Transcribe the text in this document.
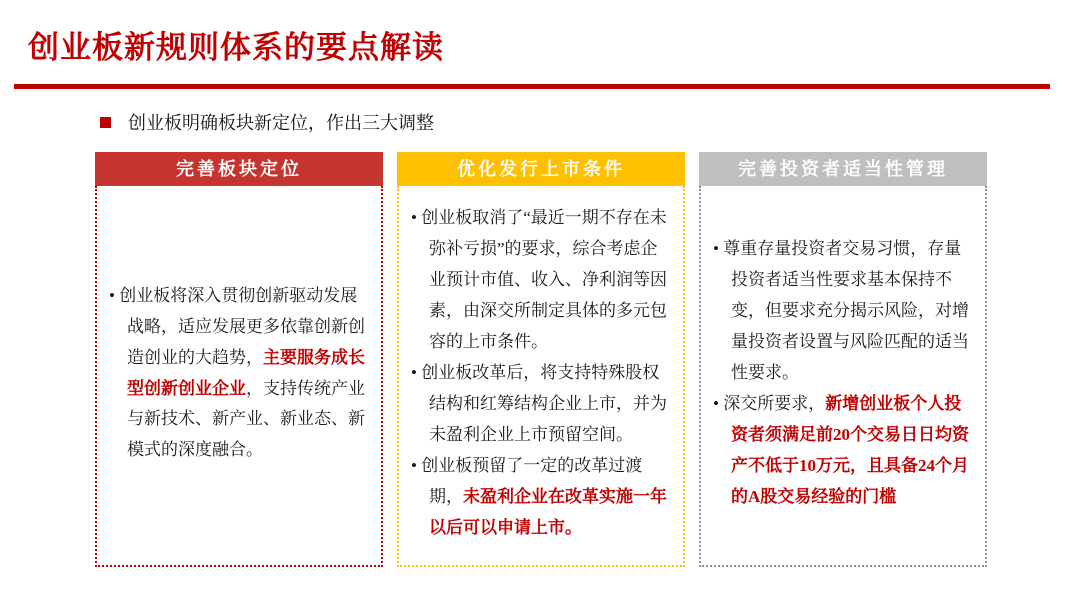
创业板新规则体系的要点解读
创业板明确板块新定位，作出三大调整
完善板块定位
• 创业板将深入贯彻创新驱动发展战略，适应发展更多依靠创新创造创业的大趋势，主要服务成长型创新创业企业，支持传统产业与新技术、新产业、新业态、新模式的深度融合。
优化发行上市条件
• 创业板取消了“最近一期不存在未弥补亏损”的要求，综合考虑企业预计市值、收入、净利润等因素，由深交所制定具体的多元包容的上市条件。
• 创业板改革后，将支持特殊股权结构和红筹结构企业上市，并为未盈利企业上市预留空间。
• 创业板预留了一定的改革过渡期，未盈利企业在改革实施一年以后可以申请上市。
完善投资者适当性管理
• 尊重存量投资者交易习惯，存量投资者适当性要求基本保持不变，但要求充分揭示风险，对增量投资者设置与风险匹配的适当性要求。
• 深交所要求，新增创业板个人投资者须满足前20个交易日日均资产不低于10万元，且具备24个月的A股交易经验的门槛
